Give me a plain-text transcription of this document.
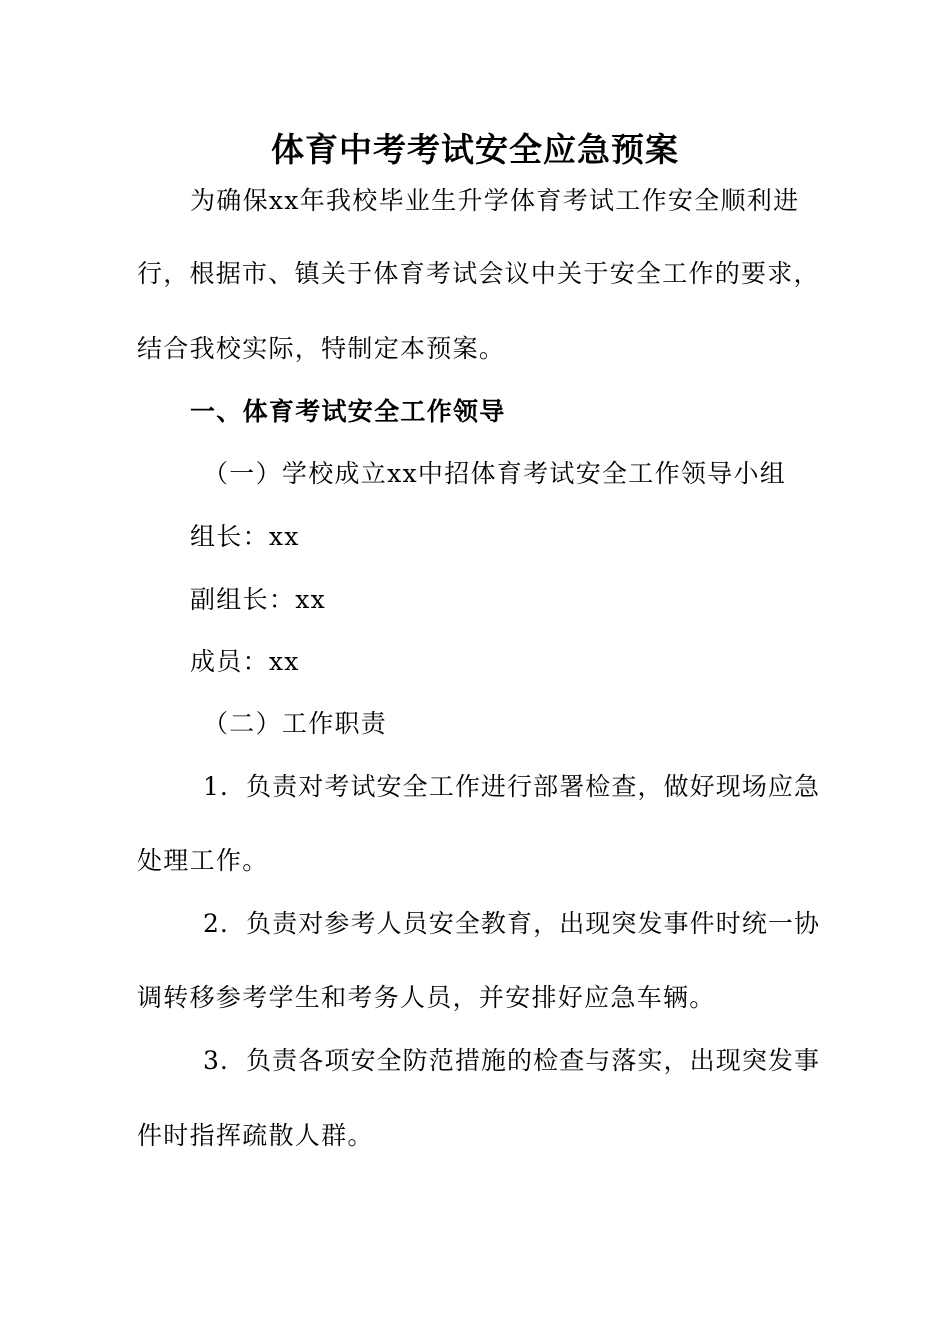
体育中考考试安全应急预案
为确保xx年我校毕业生升学体育考试工作安全顺利进
行，根据市、镇关于体育考试会议中关于安全工作的要求，
结合我校实际，特制定本预案。
一、体育考试安全工作领导
（一）学校成立xx中招体育考试安全工作领导小组
组长：xx
副组长：xx
成员：xx
（二）工作职责
1．负责对考试安全工作进行部署检查，做好现场应急
处理工作。
2．负责对参考人员安全教育，出现突发事件时统一协
调转移参考学生和考务人员，并安排好应急车辆。
3．负责各项安全防范措施的检查与落实，出现突发事
件时指挥疏散人群。
